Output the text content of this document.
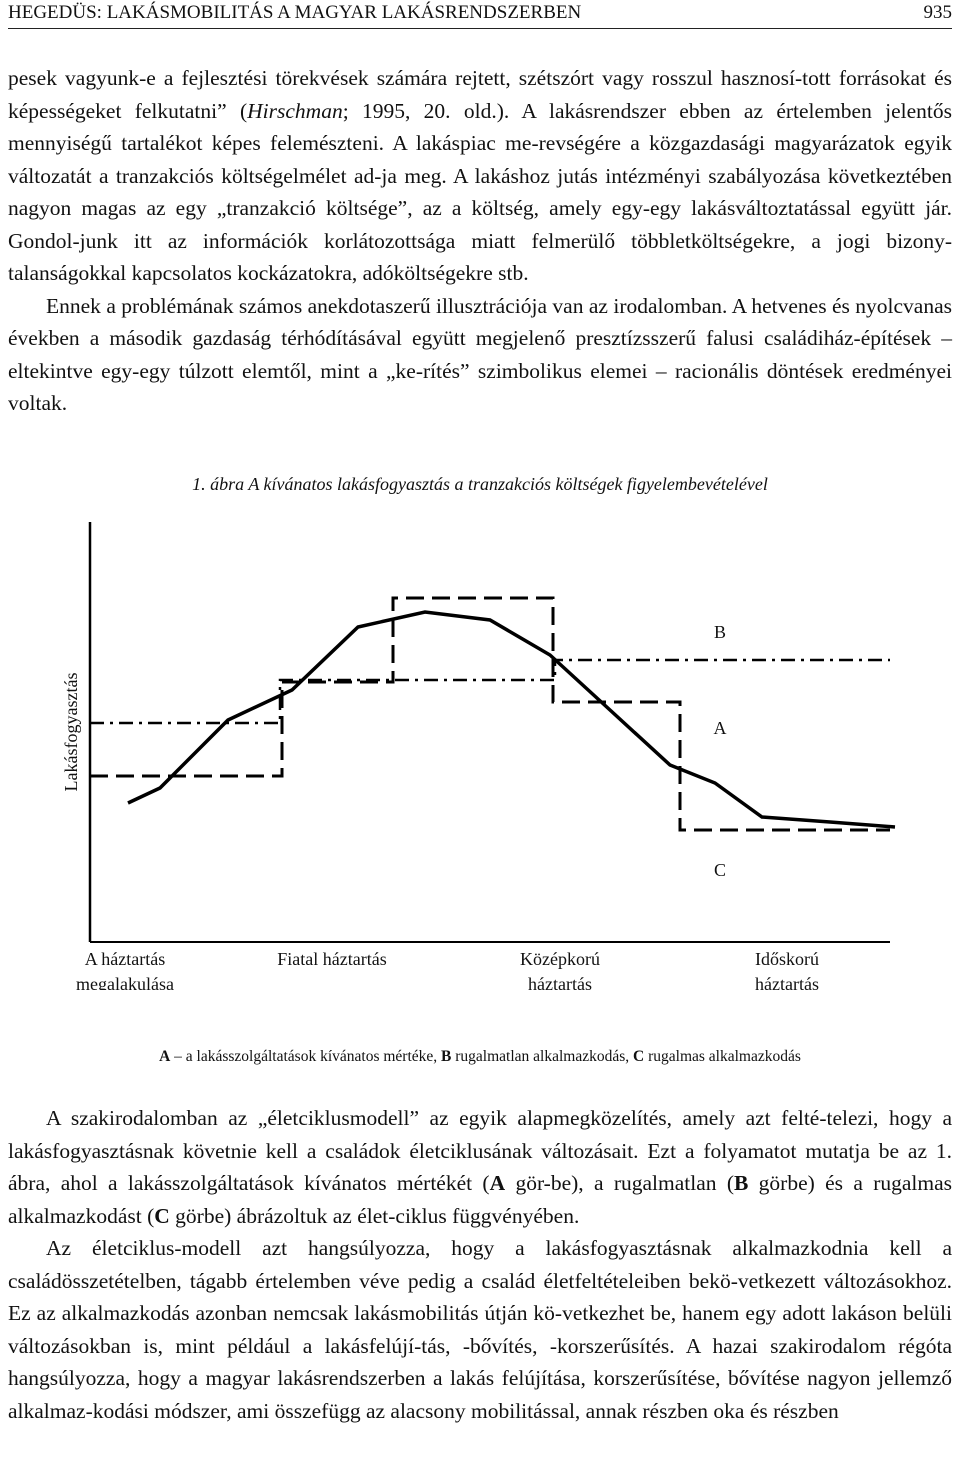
HEGEDÜS: LAKÁSMOBILITÁS A MAGYAR LAKÁSRENDSZERBEN	935

pesek vagyunk-e a fejlesztési törekvések számára rejtett, szétszórt vagy rosszul hasznosí-tott forrásokat és képességeket felkutatni” (Hirschman; 1995, 20. old.). A lakásrendszer ebben az értelemben jelentős mennyiségű tartalékot képes felemészteni. A lakáspiac me-revségére a közgazdasági magyarázatok egyik változatát a tranzakciós költségelmélet ad-ja meg. A lakáshoz jutás intézményi szabályozása következtében nagyon magas az egy „tranzakció költsége”, az a költség, amely egy-egy lakásváltoztatással együtt jár. Gondol-junk itt az információk korlátozottsága miatt felmerülő többletköltségekre, a jogi bizony-talanságokkal kapcsolatos kockázatokra, adóköltségekre stb.

Ennek a problémának számos anekdotaszerű illusztrációja van az irodalomban. A hetvenes és nyolcvanas években a második gazdaság térhódításával együtt megjelenő presztízsszerű falusi családiház-építések – eltekintve egy-egy túlzott elemtől, mint a „ke-rítés” szimbolikus elemei – racionális döntések eredményei voltak.

1. ábra A kívánatos lakásfogyasztás a tranzakciós költségek figyelembevételével
Lakásfogyasztás
B
A
C
A háztartás
megalakulása
Fiatal háztartás	Középkorú
háztartás
Időskorú
háztartás
A – a lakásszolgáltatások kívánatos mértéke, B rugalmatlan alkalmazkodás, C rugalmas alkalmazkodás

A szakirodalomban az „életciklusmodell” az egyik alapmegközelítés, amely azt felté-telezi, hogy a lakásfogyasztásnak követnie kell a családok életciklusának változásait. Ezt a folyamatot mutatja be az 1. ábra, ahol a lakásszolgáltatások kívánatos mértékét (A gör-be), a rugalmatlan (B görbe) és a rugalmas alkalmazkodást (C görbe) ábrázoltuk az élet-ciklus függvényében.

Az életciklus-modell azt hangsúlyozza, hogy a lakásfogyasztásnak alkalmazkodnia kell a családösszetételben, tágabb értelemben véve pedig a család életfeltételeiben bekö-vetkezett változásokhoz. Ez az alkalmazkodás azonban nemcsak lakásmobilitás útján kö-vetkezhet be, hanem egy adott lakáson belüli változásokban is, mint például a lakásfelújí-tás, -bővítés, -korszerűsítés. A hazai szakirodalom régóta hangsúlyozza, hogy a magyar lakásrendszerben a lakás felújítása, korszerűsítése, bővítése nagyon jellemző alkalmaz-kodási módszer, ami összefügg az alacsony mobilitással, annak részben oka és részben
